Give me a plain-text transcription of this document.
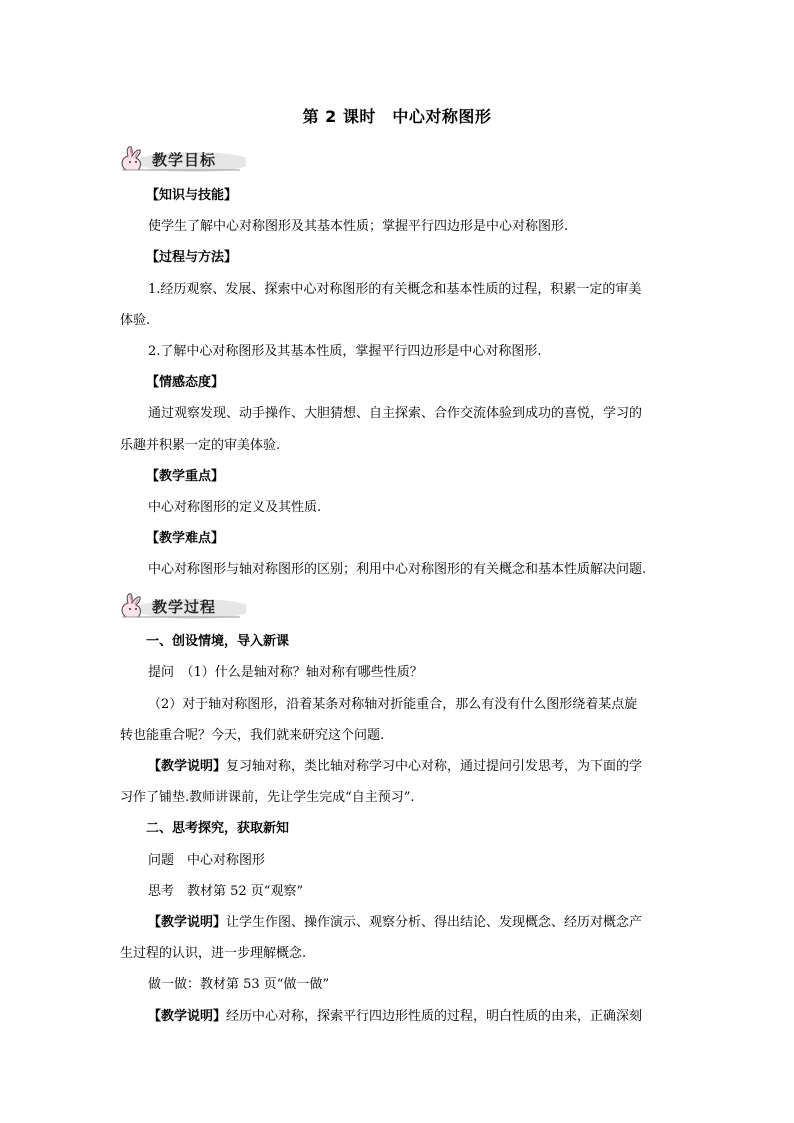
第 2 课时　中心对称图形
教学目标
【知识与技能】
使学生了解中心对称图形及其基本性质；掌握平行四边形是中心对称图形.
【过程与方法】
1.经历观察、发展、探索中心对称图形的有关概念和基本性质的过程，积累一定的审美
体验.
2.了解中心对称图形及其基本性质，掌握平行四边形是中心对称图形.
【情感态度】
通过观察发现、动手操作、大胆猜想、自主探索、合作交流体验到成功的喜悦，学习的
乐趣并积累一定的审美体验.
【教学重点】
中心对称图形的定义及其性质.
【教学难点】
中心对称图形与轴对称图形的区别；利用中心对称图形的有关概念和基本性质解决问题.
教学过程
一、创设情境，导入新课
提问　（1）什么是轴对称？轴对称有哪些性质？
（2）对于轴对称图形，沿着某条对称轴对折能重合，那么有没有什么图形绕着某点旋
转也能重合呢？今天，我们就来研究这个问题.
【教学说明】复习轴对称，类比轴对称学习中心对称，通过提问引发思考，为下面的学
习作了铺垫.教师讲课前，先让学生完成“自主预习”.
二、思考探究，获取新知
问题　中心对称图形
思考　教材第 52 页“观察”
【教学说明】让学生作图、操作演示、观察分析、得出结论、发现概念、经历对概念产
生过程的认识，进一步理解概念.
做一做：教材第 53 页“做一做”
【教学说明】经历中心对称，探索平行四边形性质的过程，明白性质的由来，正确深刻
